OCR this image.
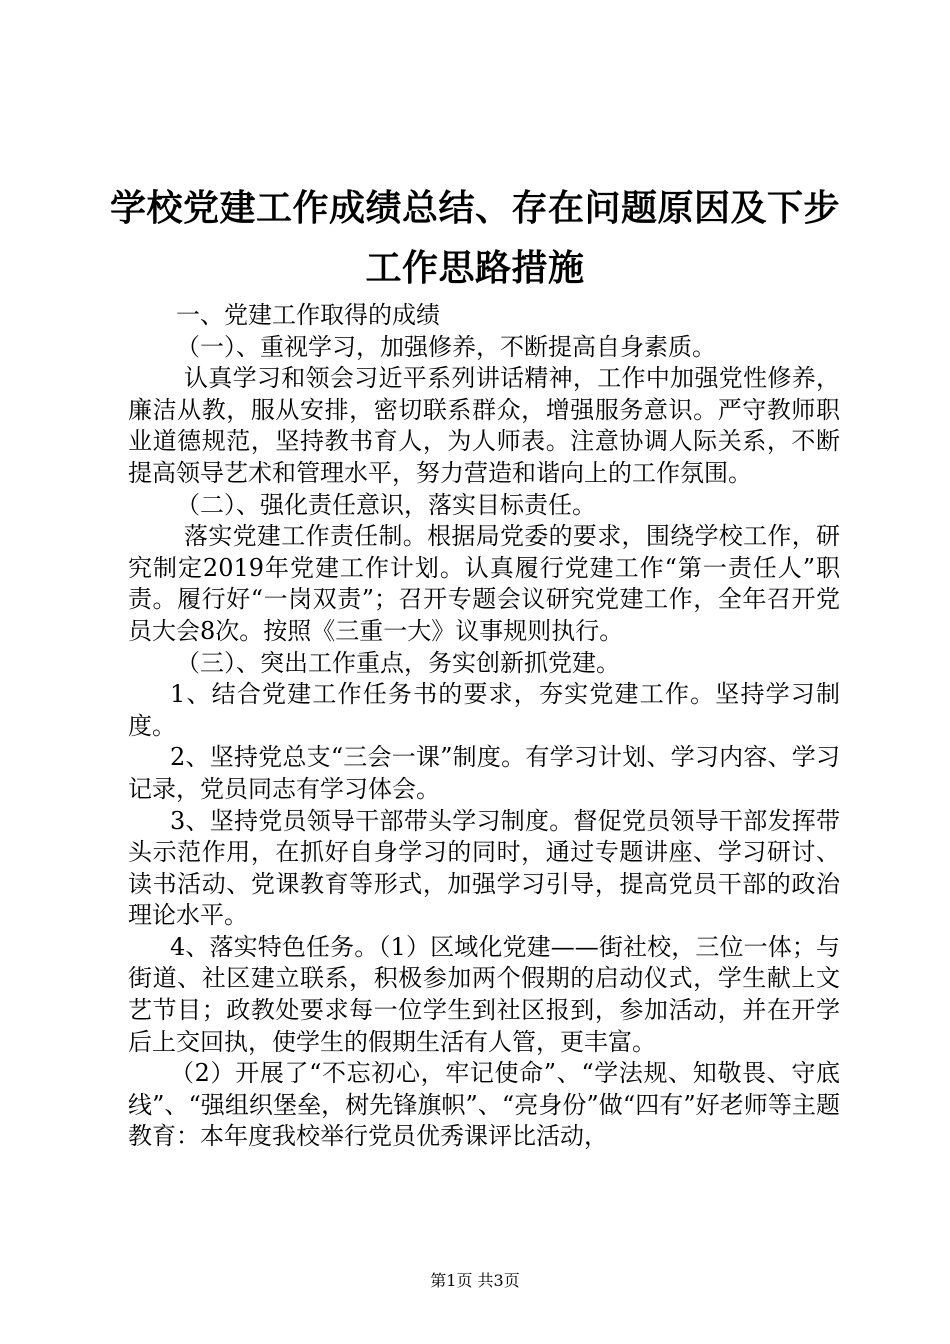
学校党建工作成绩总结、存在问题原因及下步
工作思路措施

一、党建工作取得的成绩

（一）、重视学习，加强修养，不断提高自身素质。

认真学习和领会习近平系列讲话精神，工作中加强党性修养，廉洁从教，服从安排，密切联系群众，增强服务意识。严守教师职业道德规范，坚持教书育人，为人师表。注意协调人际关系，不断提高领导艺术和管理水平，努力营造和谐向上的工作氛围。

（二）、强化责任意识，落实目标责任。

落实党建工作责任制。根据局党委的要求，围绕学校工作，研究制定2019年党建工作计划。认真履行党建工作“第一责任人”职责。履行好“一岗双责”；召开专题会议研究党建工作，全年召开党员大会8次。按照《三重一大》议事规则执行。

（三）、突出工作重点，务实创新抓党建。

1、结合党建工作任务书的要求，夯实党建工作。坚持学习制度。

2、坚持党总支“三会一课”制度。有学习计划、学习内容、学习记录，党员同志有学习体会。

3、坚持党员领导干部带头学习制度。督促党员领导干部发挥带头示范作用，在抓好自身学习的同时，通过专题讲座、学习研讨、读书活动、党课教育等形式，加强学习引导，提高党员干部的政治理论水平。

4、落实特色任务。（1）区域化党建——街社校，三位一体；与街道、社区建立联系，积极参加两个假期的启动仪式，学生献上文艺节目；政教处要求每一位学生到社区报到，参加活动，并在开学后上交回执，使学生的假期生活有人管，更丰富。

（2）开展了“不忘初心，牢记使命”、“学法规、知敬畏、守底线”、“强组织堡垒，树先锋旗帜”、“亮身份”做“四有”好老师等主题教育：本年度我校举行党员优秀课评比活动，

第1页 共3页
